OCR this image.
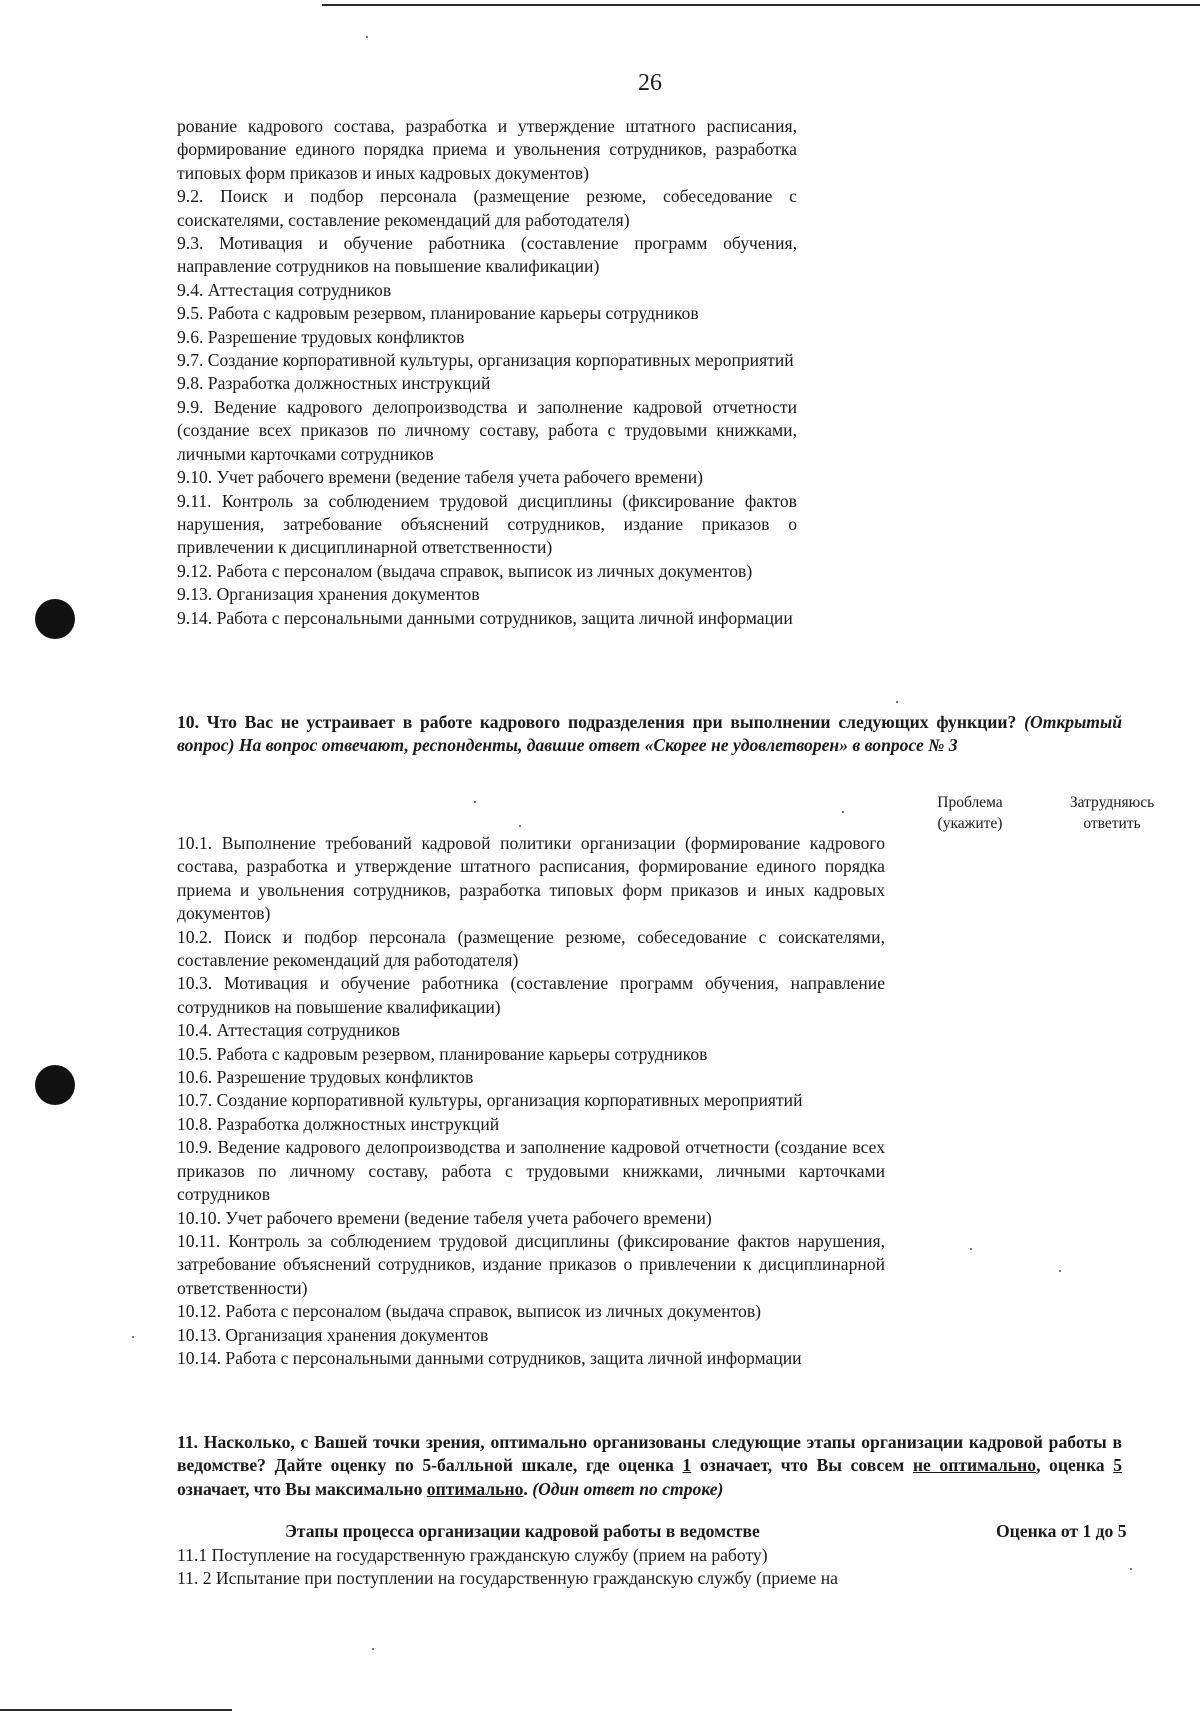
26

рование кадрового состава, разработка и утверждение штатного расписания, формирование единого порядка приема и увольнения сотрудников, разработка типовых форм приказов и иных кадровых документов)

9.2. Поиск и подбор персонала (размещение резюме, собеседование с соискателями, составление рекомендаций для работодателя)

9.3. Мотивация и обучение работника (составление программ обучения, направление сотрудников на повышение квалификации)

9.4. Аттестация сотрудников

9.5. Работа с кадровым резервом, планирование карьеры сотрудников

9.6. Разрешение трудовых конфликтов

9.7. Создание корпоративной культуры, организация корпоративных мероприятий

9.8. Разработка должностных инструкций

9.9. Ведение кадрового делопроизводства и заполнение кадровой отчетности (создание всех приказов по личному составу, работа с трудовыми книжками, личными карточками сотрудников

9.10. Учет рабочего времени (ведение табеля учета рабочего времени)

9.11. Контроль за соблюдением трудовой дисциплины (фиксирование фактов нарушения, затребование объяснений сотрудников, издание приказов о привлечении к дисциплинарной ответственности)

9.12. Работа с персоналом (выдача справок, выписок из личных документов)

9.13. Организация хранения документов

9.14. Работа с персональными данными сотрудников, защита личной информации

10. Что Вас не устраивает в работе кадрового подразделения при выполнении следующих функции? (Открытый вопрос) На вопрос отвечают, респонденты, давшие ответ «Скорее не удовлетворен» в вопросе № 3
Проблема
(укажите)
Затрудняюсь
ответить

10.1. Выполнение требований кадровой политики организации (формирование кадрового состава, разработка и утверждение штатного расписания, формирование единого порядка приема и увольнения сотрудников, разработка типовых форм приказов и иных кадровых документов)

10.2. Поиск и подбор персонала (размещение резюме, собеседование с соискателями, составление рекомендаций для работодателя)

10.3. Мотивация и обучение работника (составление программ обучения, направление сотрудников на повышение квалификации)

10.4. Аттестация сотрудников

10.5. Работа с кадровым резервом, планирование карьеры сотрудников

10.6. Разрешение трудовых конфликтов

10.7. Создание корпоративной культуры, организация корпоративных мероприятий

10.8. Разработка должностных инструкций

10.9. Ведение кадрового делопроизводства и заполнение кадровой отчетности (создание всех приказов по личному составу, работа с трудовыми книжками, личными карточками сотрудников

10.10. Учет рабочего времени (ведение табеля учета рабочего времени)

10.11. Контроль за соблюдением трудовой дисциплины (фиксирование фактов нарушения, затребование объяснений сотрудников, издание приказов о привлечении к дисциплинарной ответственности)

10.12. Работа с персоналом (выдача справок, выписок из личных документов)

10.13. Организация хранения документов

10.14. Работа с персональными данными сотрудников, защита личной информации

11. Насколько, с Вашей точки зрения, оптимально организованы следующие этапы организации кадровой работы в ведомстве? Дайте оценку по 5-балльной шкале, где оценка 1 означает, что Вы совсем не оптимально, оценка 5 означает, что Вы максимально оптимально. (Один ответ по строке)
Этапы процесса организации кадровой работы в ведомстве	Оценка от 1 до 5

11.1 Поступление на государственную гражданскую службу (прием на работу)

11. 2 Испытание при поступлении на государственную гражданскую службу (приеме на
